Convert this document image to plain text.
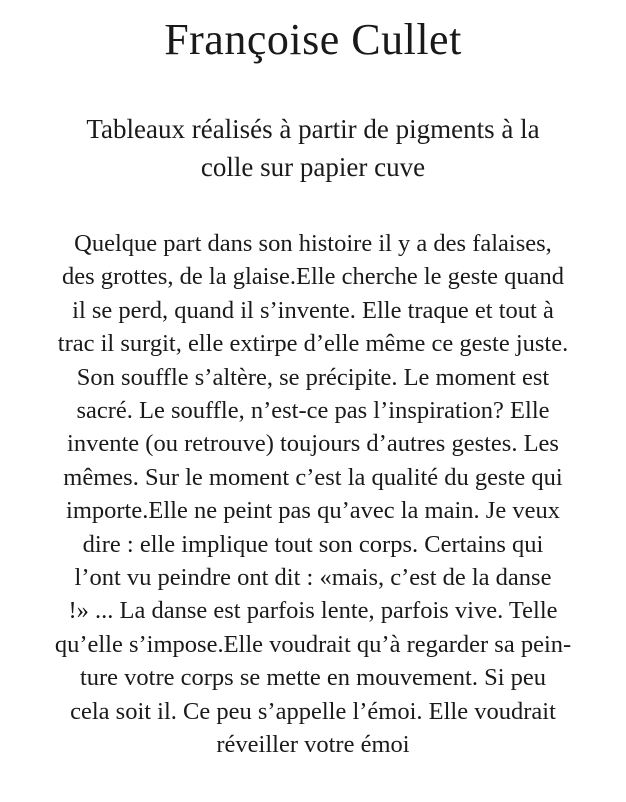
Françoise Cullet

Tableaux réalisés à partir de pigments à la
colle sur papier cuve

Quelque part dans son histoire il y a des falaises,
des grottes, de la glaise.Elle cherche le geste quand
il se perd, quand il s’invente. Elle traque et tout à
trac il surgit, elle extirpe d’elle même ce geste juste.
Son souffle s’altère, se précipite. Le moment est
sacré. Le souffle, n’est-ce pas l’inspiration? Elle
invente (ou retrouve) toujours d’autres gestes. Les
mêmes. Sur le moment c’est la qualité du geste qui
importe.Elle ne peint pas qu’avec la main. Je veux
dire : elle implique tout son corps. Certains qui
l’ont vu peindre ont dit : «mais, c’est de la danse
!» ... La danse est parfois lente, parfois vive. Telle
qu’elle s’impose.Elle voudrait qu’à regarder sa pein-
ture votre corps se mette en mouvement. Si peu
cela soit il. Ce peu s’appelle l’émoi. Elle voudrait
réveiller votre émoi
